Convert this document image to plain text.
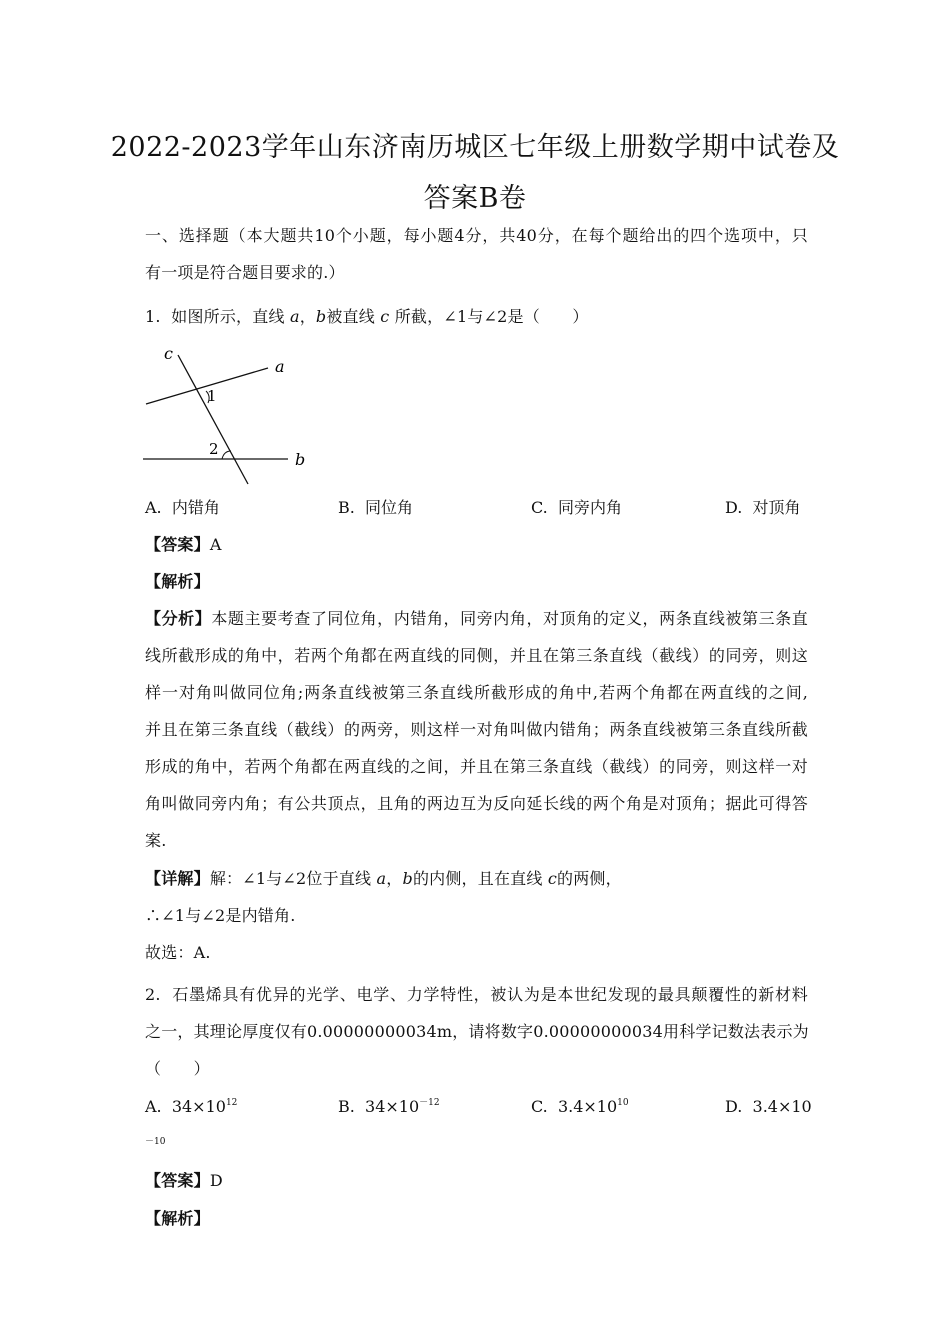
2022-2023学年山东济南历城区七年级上册数学期中试卷及
答案B卷
一、选择题（本大题共10个小题，每小题4分，共40分，在每个题给出的四个选项中，只
有一项是符合题目要求的.）
1. 如图所示，直线 a，b被直线 c 所截，∠1与∠2是（　　）
c
a
b
1
2
A. 内错角	B. 同位角	C. 同旁内角	D. 对顶角
【答案】A
【解析】
【分析】本题主要考查了同位角，内错角，同旁内角，对顶角的定义，两条直线被第三条直
线所截形成的角中，若两个角都在两直线的同侧，并且在第三条直线（截线）的同旁，则这
样一对角叫做同位角;两条直线被第三条直线所截形成的角中,若两个角都在两直线的之间,
并且在第三条直线（截线）的两旁，则这样一对角叫做内错角；两条直线被第三条直线所截
形成的角中，若两个角都在两直线的之间，并且在第三条直线（截线）的同旁，则这样一对
角叫做同旁内角；有公共顶点，且角的两边互为反向延长线的两个角是对顶角；据此可得答
案.
【详解】解：∠1与∠2位于直线 a，b的内侧，且在直线 c的两侧，
∴∠1与∠2是内错角.
故选：A.
2. 石墨烯具有优异的光学、电学、力学特性，被认为是本世纪发现的最具颠覆性的新材料
之一，其理论厚度仅有0.00000000034m，请将数字0.00000000034用科学记数法表示为
（　　）
A. $34\times 10^{12}$	B. $34\times 10^{-12}$	C. $3.4\times 10^{10}$	D. 3.4×10
－10
【答案】D
【解析】
